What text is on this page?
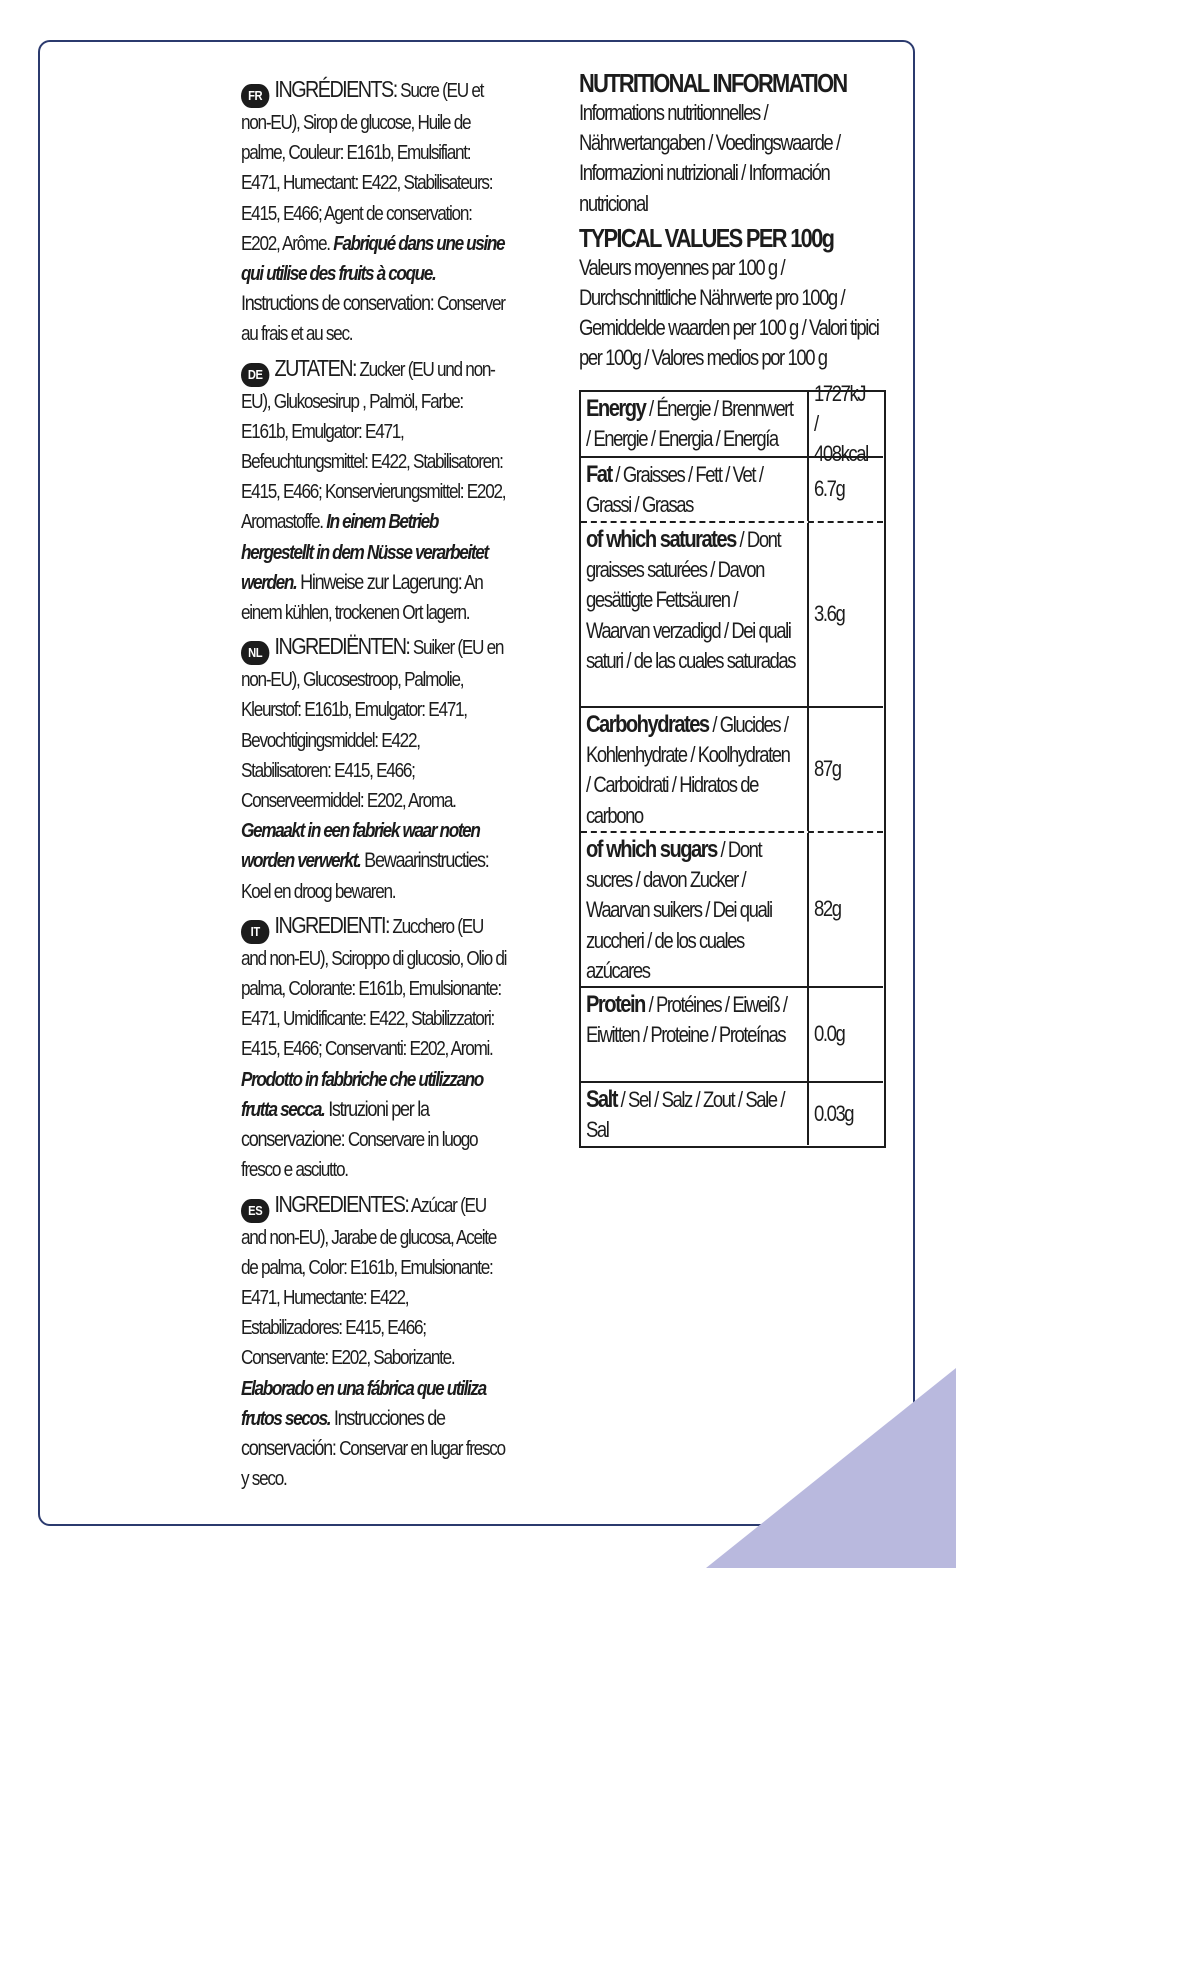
FR INGRÉDIENTS: Sucre (EU et non-EU), Sirop de glucose, Huile de palme, Couleur: E161b, Emulsifiant: E471, Humectant: E422, Stabilisateurs: E415, E466; Agent de conservation: E202, Arôme. Fabriqué dans une usine qui utilise des fruits à coque. Instructions de conservation: Conserver au frais et au sec.

DE ZUTATEN: Zucker (EU und non-EU), Glukosesirup , Palmöl, Farbe: E161b, Emulgator: E471, Befeuchtungsmittel: E422, Stabilisatoren: E415, E466; Konservierungsmittel: E202, Aromastoffe. In einem Betrieb hergestellt in dem Nüsse verarbeitet werden. Hinweise zur Lagerung: An einem kühlen, trockenen Ort lagern.

NL INGREDIËNTEN: Suiker (EU en non-EU), Glucosestroop, Palmolie, Kleurstof: E161b, Emulgator: E471, Bevochtigingsmiddel: E422, Stabilisatoren: E415, E466; Conserveermiddel: E202, Aroma. Gemaakt in een fabriek waar noten worden verwerkt. Bewaarinstructies: Koel en droog bewaren.

IT INGREDIENTI: Zucchero (EU and non-EU), Sciroppo di glucosio, Olio di palma, Colorante: E161b, Emulsionante: E471, Umidificante: E422, Stabilizzatori: E415, E466; Conservanti: E202, Aromi. Prodotto in fabbriche che utilizzano frutta secca. Istruzioni per la conservazione: Conservare in luogo fresco e asciutto.

ES INGREDIENTES: Azúcar (EU and non-EU), Jarabe de glucosa, Aceite de palma, Color: E161b, Emulsionante: E471, Humectante: E422, Estabilizadores: E415, E466; Conservante: E202, Saborizante. Elaborado en una fábrica que utiliza frutos secos. Instrucciones de conservación: Conservar en lugar fresco y seco.

NUTRITIONAL INFORMATION
Informations nutritionnelles / Nährwertangaben / Voedingswaarde / Informazioni nutrizionali / Información nutricional
TYPICAL VALUES PER 100g
Valeurs moyennes par 100 g / Durchschnittliche Nährwerte pro 100g / Gemiddelde waarden per 100 g / Valori tipici per 100g / Valores medios por 100 g
Energy / Énergie / Brennwert / Energie / Energia / Energía
1727kJ /
408kcal
Fat / Graisses / Fett / Vet / Grassi / Grasas
6.7g
of which saturates / Dont graisses saturées / Davon gesättigte Fettsäuren / Waarvan verzadigd / Dei quali saturi / de las cuales saturadas
3.6g
Carbohydrates / Glucides / Kohlenhydrate / Koolhydraten / Carboidrati / Hidratos de carbono
87g
of which sugars / Dont sucres / davon Zucker / Waarvan suikers / Dei quali zuccheri / de los cuales azúcares
82g
Protein / Protéines / Eiweiß / Eiwitten / Proteine / Proteínas	0.0g
Salt / Sel / Salz / Zout / Sale / Sal
0.03g
